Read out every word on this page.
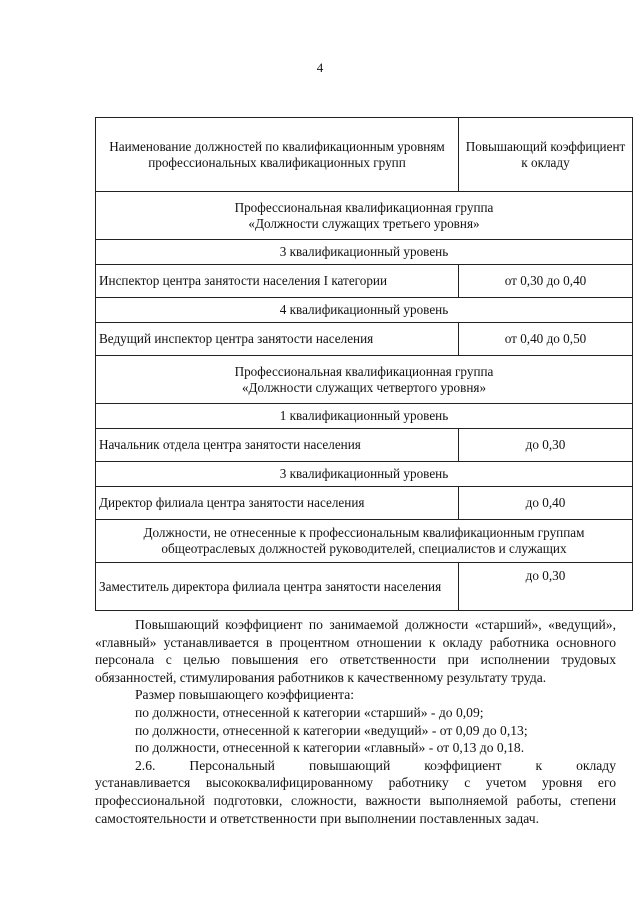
4
Наименование должностей по квалификационным уровням профессиональных квалификационных групп	Повышающий коэффициент к окладу
Профессиональная квалификационная группа
«Должности служащих третьего уровня»	
3 квалификационный уровень	
Инспектор центра занятости населения I категории	от 0,30 до 0,40
4 квалификационный уровень	
Ведущий инспектор центра занятости населения	от 0,40 до 0,50
Профессиональная квалификационная группа
«Должности служащих четвертого уровня»	
1 квалификационный уровень	
Начальник отдела центра занятости населения	до 0,30
3 квалификационный уровень	
Директор филиала центра занятости населения	до 0,40
Должности, не отнесенные к профессиональным квалификационным группам
общеотраслевых должностей руководителей, специалистов и служащих	
Заместитель директора филиала центра занятости населения	до 0,30

Повышающий коэффициент по занимаемой должности «старший», «ведущий», «главный» устанавливается в процентном отношении к окладу работника основного персонала с целью повышения его ответственности при исполнении трудовых обязанностей, стимулирования работников к качественному результату труда.

Размер повышающего коэффициента:

по должности, отнесенной к категории «старший» - до 0,09;

по должности, отнесенной к категории «ведущий» - от 0,09 до 0,13;

по должности, отнесенной к категории «главный» - от 0,13 до 0,18.

2.6. Персональный повышающий коэффициент к окладу

устанавливается высококвалифицированному работнику с учетом уровня его профессиональной подготовки, сложности, важности выполняемой работы, степени самостоятельности и ответственности при выполнении поставленных задач.
